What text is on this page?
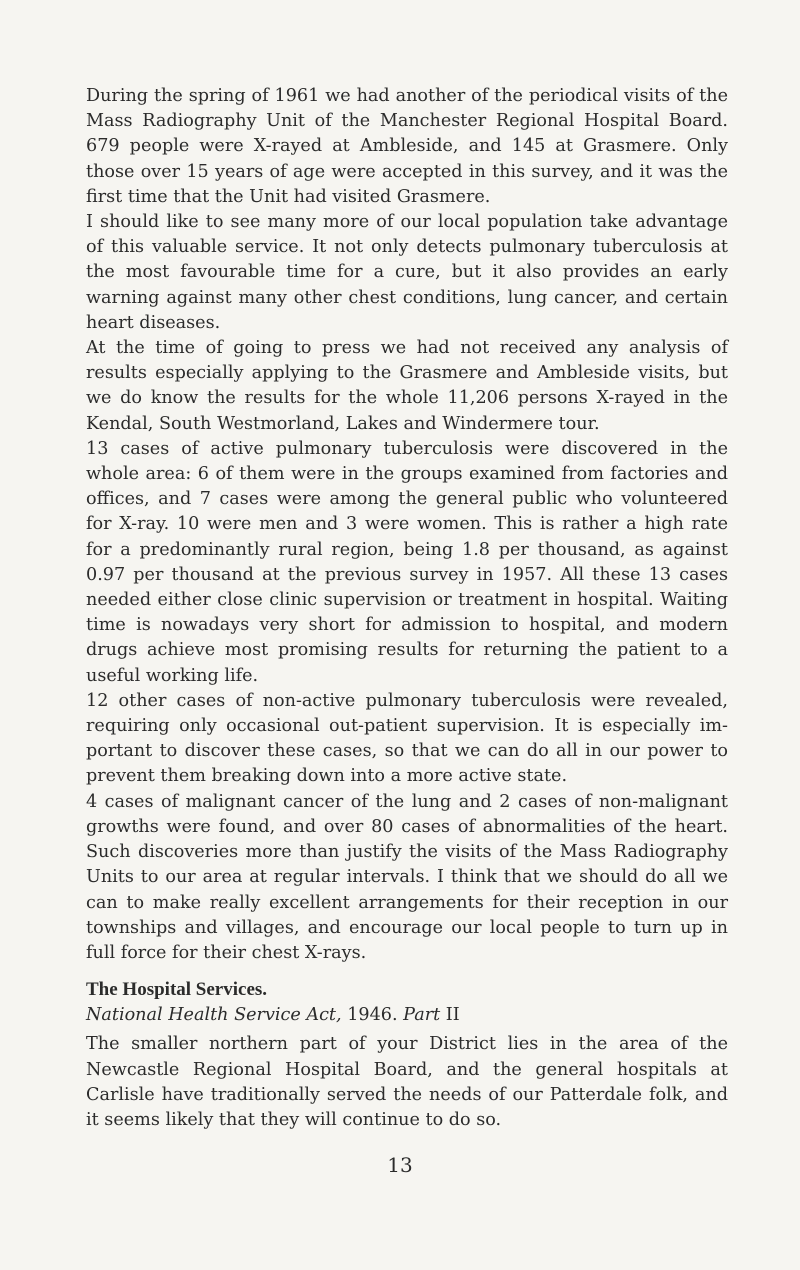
During the spring of 1961 we had another of the periodical visits of the Mass Radiography Unit of the Manchester Regional Hospital Board. 679 people were X-rayed at Ambleside, and 145 at Grasmere. Only those over 15 years of age were accepted in this survey, and it was the first time that the Unit had visited Grasmere.

I should like to see many more of our local population take advantage of this valuable service. It not only detects pulmonary tuberculosis at the most favourable time for a cure, but it also provides an early warning against many other chest conditions, lung cancer, and certain heart diseases.

At the time of going to press we had not received any analysis of results especially applying to the Grasmere and Ambleside visits, but we do know the results for the whole 11,206 persons X-rayed in the Kendal, South Westmorland, Lakes and Windermere tour.

13 cases of active pulmonary tuberculosis were discovered in the whole area: 6 of them were in the groups examined from factories and offices, and 7 cases were among the general public who volunteered for X-ray. 10 were men and 3 were women. This is rather a high rate for a predominantly rural region, being 1.8 per thousand, as against 0.97 per thousand at the previous survey in 1957. All these 13 cases needed either close clinic supervision or treatment in hospital. Waiting time is nowadays very short for admission to hospital, and modern drugs achieve most promising results for returning the patient to a useful working life.

12 other cases of non-active pulmonary tuberculosis were revealed, requiring only occasional out-patient supervision. It is especially important to discover these cases, so that we can do all in our power to prevent them breaking down into a more active state.

4 cases of malignant cancer of the lung and 2 cases of non-malignant growths were found, and over 80 cases of abnormalities of the heart. Such discoveries more than justify the visits of the Mass Radiography Units to our area at regular intervals. I think that we should do all we can to make really excellent arrangements for their reception in our townships and villages, and encourage our local people to turn up in full force for their chest X-rays.

The Hospital Services.

National Health Service Act, 1946. Part II

The smaller northern part of your District lies in the area of the Newcastle Regional Hospital Board, and the general hospitals at Carlisle have traditionally served the needs of our Patterdale folk, and it seems likely that they will continue to do so.

13
